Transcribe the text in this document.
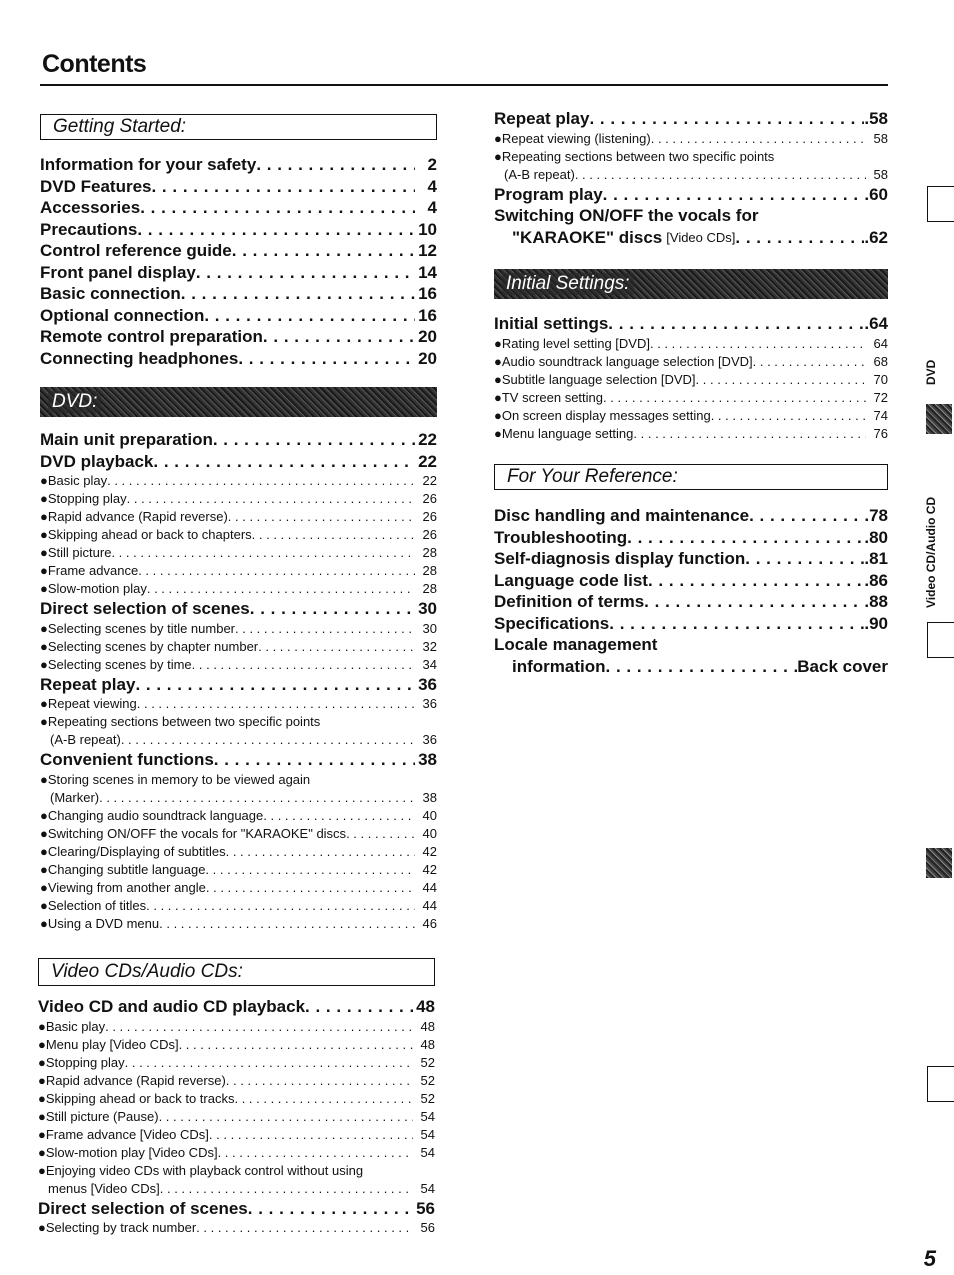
Contents
Getting Started:
Information for your safety . . .	2
DVD Features . . .	4
Accessories . . .	4
Precautions . . .	10
Control reference guide . . .	12
Front panel display . . .	14
Basic connection . . .	16
Optional connection . . .	16
Remote control preparation . . .	20
Connecting headphones . . .	20
DVD:
Main unit preparation . . .	22
DVD playback . . .	22
●Basic play . . .	22
●Stopping play . . .	26
●Rapid advance (Rapid reverse) . . .	26
●Skipping ahead or back to chapters . . .	26
●Still picture . . .	28
●Frame advance . . .	28
●Slow-motion play . . .	28
Direct selection of scenes . . .	30
●Selecting scenes by title number . . .	30
●Selecting scenes by chapter number . . .	32
●Selecting scenes by time . . .	34
Repeat play . . .	36
●Repeat viewing . . .	36
●Repeating sections between two specific points
(A-B repeat) . . .	36
Convenient functions . . .	38
●Storing scenes in memory to be viewed again
(Marker) . . .	38
●Changing audio soundtrack language . . .	40
●Switching ON/OFF the vocals for "KARAOKE" discs . . .	40
●Clearing/Displaying of subtitles . . .	42
●Changing subtitle language . . .	42
●Viewing from another angle . . .	44
●Selection of titles . . .	44
●Using a DVD menu . . .	46
Video CDs/Audio CDs:
Video CD and audio CD playback . . .	48
●Basic play . . .	48
●Menu play [Video CDs] . . .	48
●Stopping play . . .	52
●Rapid advance (Rapid reverse) . . .	52
●Skipping ahead or back to tracks . . .	52
●Still picture (Pause) . . .	54
●Frame advance [Video CDs] . . .	54
●Slow-motion play [Video CDs] . . .	54
●Enjoying video CDs with playback control without using
menus [Video CDs] . . .	54
Direct selection of scenes . . .	56
●Selecting by track number . . .	56
Repeat play . . .	.58
●Repeat viewing (listening) . . .	58
●Repeating sections between two specific points
(A-B repeat) . . .	58
Program play . . .	.60
Switching ON/OFF the vocals for
"KARAOKE" discs [Video CDs] . . .	.62
Initial Settings:
Initial settings . . .	.64
●Rating level setting [DVD] . . .	64
●Audio soundtrack language selection [DVD] . . .	68
●Subtitle language selection [DVD] . . .	70
●TV screen setting . . .	72
●On screen display messages setting . . .	74
●Menu language setting . . .	76
For Your Reference:
Disc handling and maintenance . . .	.78
Troubleshooting . . .	.80
Self-diagnosis display function . . .	.81
Language code list . . .	.86
Definition of terms . . .	.88
Specifications . . .	.90
Locale management
information . . .	Back cover
DVD
Video CD/Audio CD
5
